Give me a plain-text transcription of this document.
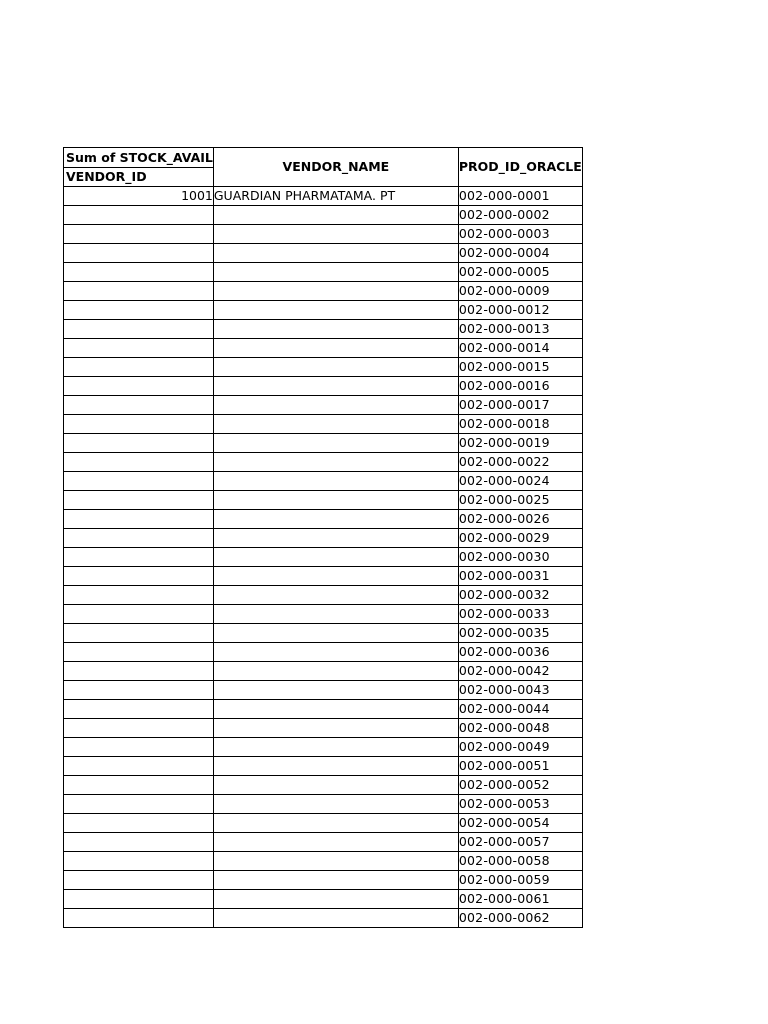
Sum of STOCK_AVAIL
VENDOR_ID	VENDOR_NAME	PROD_ID_ORACLE
1001	GUARDIAN PHARMATAMA. PT	002-000-0001
		002-000-0002
		002-000-0003
		002-000-0004
		002-000-0005
		002-000-0009
		002-000-0012
		002-000-0013
		002-000-0014
		002-000-0015
		002-000-0016
		002-000-0017
		002-000-0018
		002-000-0019
		002-000-0022
		002-000-0024
		002-000-0025
		002-000-0026
		002-000-0029
		002-000-0030
		002-000-0031
		002-000-0032
		002-000-0033
		002-000-0035
		002-000-0036
		002-000-0042
		002-000-0043
		002-000-0044
		002-000-0048
		002-000-0049
		002-000-0051
		002-000-0052
		002-000-0053
		002-000-0054
		002-000-0057
		002-000-0058
		002-000-0059
		002-000-0061
		002-000-0062
